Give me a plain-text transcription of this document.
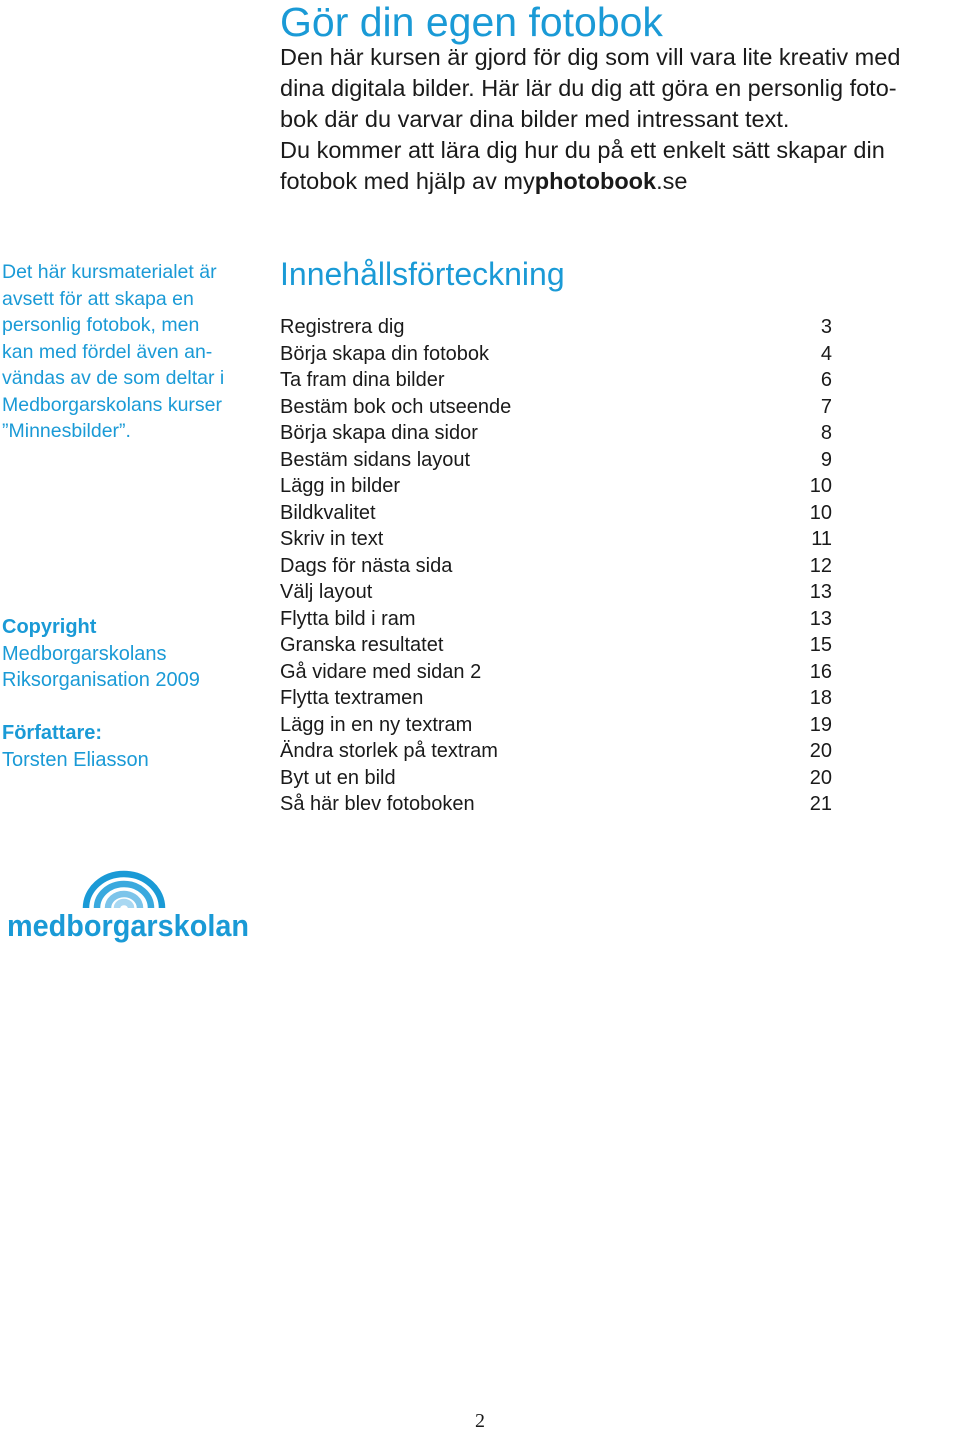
Gör din egen fotobok
Den här kursen är gjord för dig som vill vara lite kreativ med
dina digitala bilder. Här lär du dig att göra en personlig foto-
bok där du varvar dina bilder med intressant text.
Du kommer att lära dig hur du på ett enkelt sätt skapar din
fotobok med hjälp av myphotobook.se
Det här kursmaterialet är
avsett för att skapa en
personlig fotobok, men
kan med fördel även an-
vändas av de som deltar i
Medborgarskolans kurser
”Minnesbilder”.
Copyright
Medborgarskolans
Riksorganisation 2009
Författare:
Torsten Eliasson
Innehållsförteckning
Registrera dig	3
Börja skapa din fotobok	4
Ta fram dina bilder	6
Bestäm bok och utseende	7
Börja skapa dina sidor	8
Bestäm sidans layout	9
Lägg in bilder	10
Bildkvalitet	10
Skriv in text	11
Dags för nästa sida	12
Välj layout	13
Flytta bild i ram	13
Granska resultatet	15
Gå vidare med sidan 2	16
Flytta textramen	18
Lägg in en ny textram	19
Ändra storlek på textram	20
Byt ut en bild	20
Så här blev fotoboken	21
medborgarskolan
2
